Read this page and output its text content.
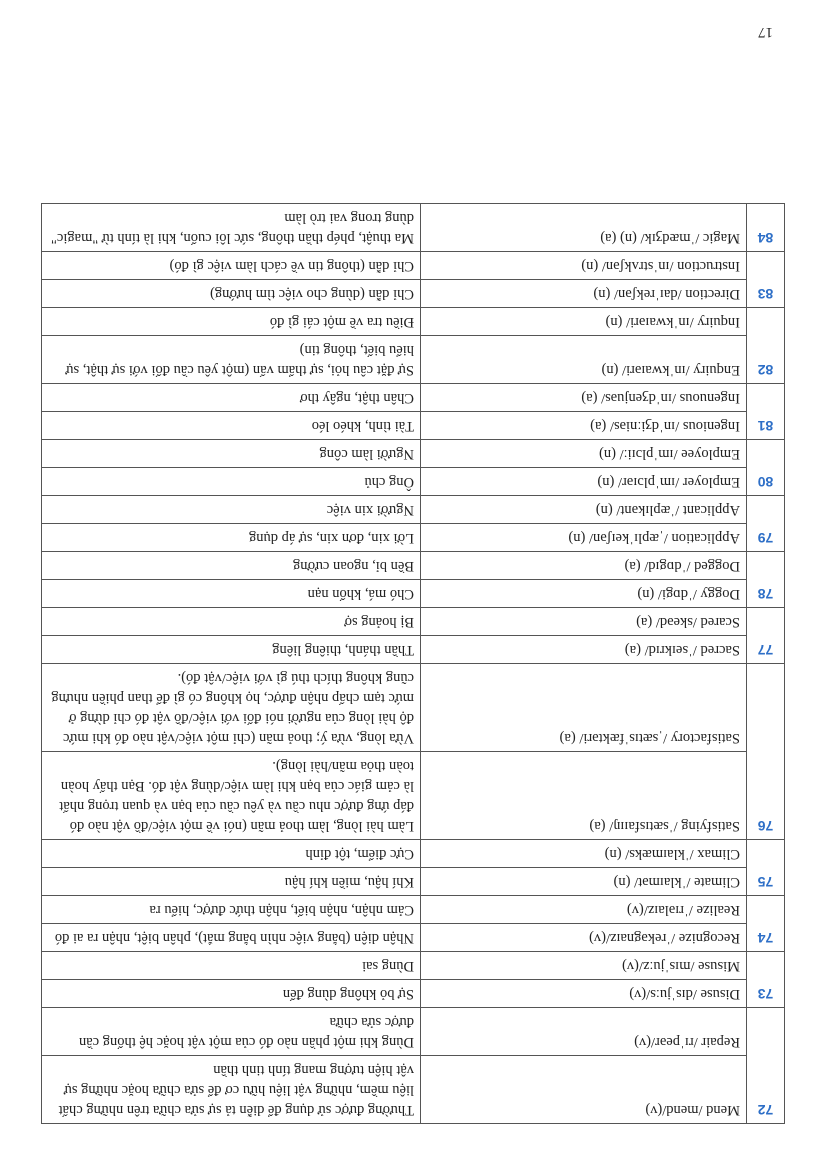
17
72	Mend /mend/(v)	Thường được sử dụng để diễn tả sự sửa chữa trên những chất liệu mềm, những vật liệu hữu cơ để sửa chữa hoặc những sự vật hiện tượng mang tính tinh thần
	Repair /rɪˈpeər/(v)	Dùng khi một phần nào đó của một vật hoặc hệ thống cần được sửa chữa
73	Disuse /dɪsˈjuːs/(v)	Sự bỏ không dùng đến
	Misuse /mɪsˈjuːz/(v)	Dùng sai
74	Recognize /ˈrekəgnaɪz/(v)	Nhận diện (bằng việc nhìn bằng mắt), phân biệt, nhận ra ai đó
	Realize /ˈrɪəlaɪz/(v)	Cảm nhận, nhận biết, nhận thức được, hiểu ra
75	Climate /ˈklaɪmət/ (n)	Khí hậu, miền khí hậu
	Climax /ˈklaɪmæks/ (n)	Cực điểm, tột đỉnh
76	Satisfying /ˈsætɪsfaɪɪŋ/ (a)	Làm hài lòng, làm thoả mãn (nói về một việc/đồ vật nào đó đáp ứng được nhu cầu và yêu cầu của bạn và quan trọng nhất là cảm giác của bạn khi làm việc/dùng vật đó. Bạn thấy hoàn toàn thỏa mãn/hài lòng).
	Satisfactory /ˌsætɪsˈfæktəri/ (a)	Vừa lòng, vừa ý; thoả mãn (chỉ một việc/vật nào đó khi mức độ hài lòng của người nói đối với việc/đồ vật đó chỉ dừng ở mức tạm chấp nhận được, họ không có gì để than phiền nhưng cũng không thích thú gì với việc/vật đó).
77	Sacred /ˈseɪkrɪd/ (a)	Thần thánh, thiêng liêng
	Scared /skeəd/ (a)	Bị hoảng sợ
78	Doggy /ˈdɒgi/ (n)	Chó má, khốn nạn
	Dogged /ˈdɒgɪd/ (a)	Bền bỉ, ngoan cường
79	Application /ˌæplɪˈkeɪʃən/ (n)	Lời xin, đơn xin, sự áp dụng
	Applicant /ˈæplɪkənt/ (n)	Người xin việc
80	Employer /ɪmˈplɔɪər/ (n)	Ông chủ
	Employee /ɪmˈplɔɪiː/ (n)	Người làm công
81	Ingenious /ɪnˈdʒiːniəs/ (a)	Tài tình, khéo léo
	Ingenuous /ɪnˈdʒenjuəs/ (a)	Chân thật, ngây thơ
82	Enquiry /ɪnˈkwaɪəri/ (n)	Sự đặt câu hỏi, sự thẩm vấn (một yêu cầu đối với sự thật, sự hiểu biết, thông tin)
	Inquiry /ɪnˈkwaɪəri/ (n)	Điều tra về một cái gì đó
83	Direction /daɪˈrekʃən/ (n)	Chỉ dẫn (dùng cho việc tìm hướng)
	Instruction /ɪnˈstrʌkʃən/ (n)	Chỉ dẫn (thông tin về cách làm việc gì đó)
84	Magic /ˈmædʒɪk/ (n) (a)	Ma thuật, phép thần thông, sức lôi cuốn, khi là tính từ "magic" dùng trong vai trò làm
